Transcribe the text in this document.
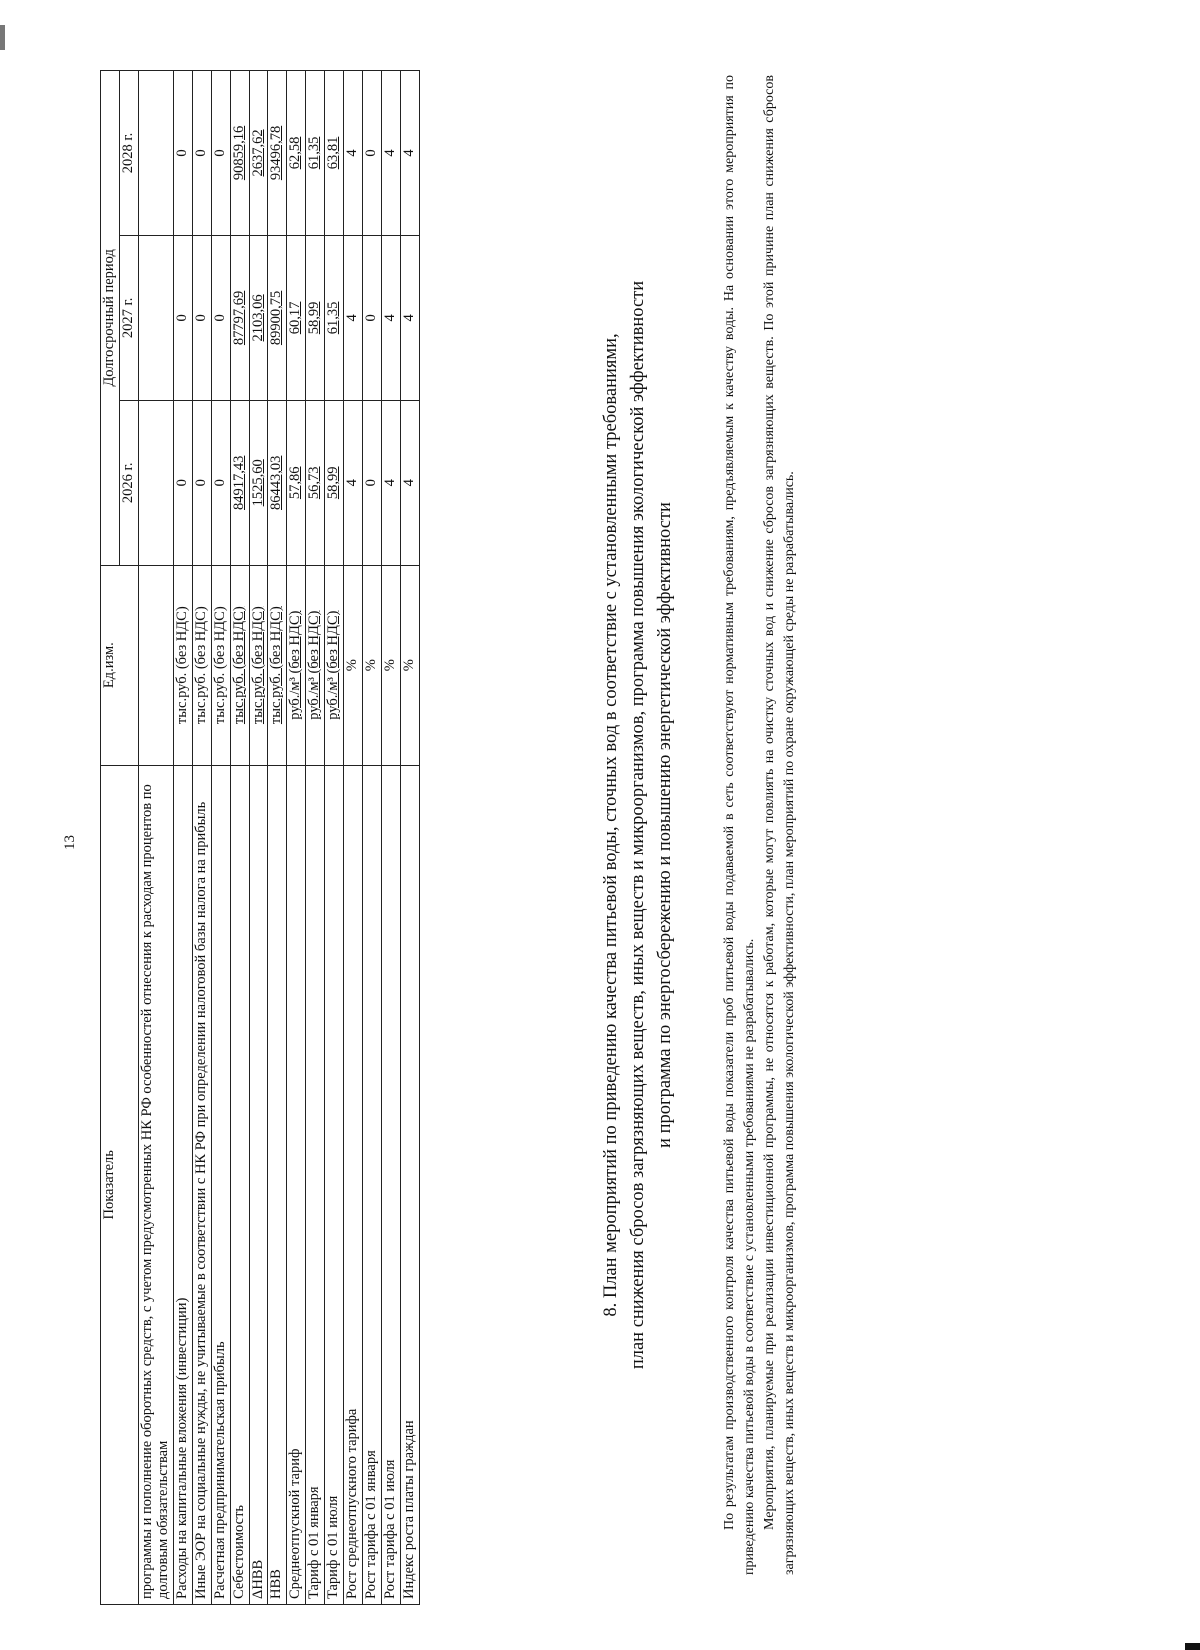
13
Показатель	Ед.изм.	Долгосрочный период		
		2026 г.	2027 г.	2028 г.
программы и пополнение оборотных средств, с учетом предусмотренных НК РФ особенностей отнесения к расходам процентов по долговым обязательствам				
Расходы на капитальные вложения (инвестиции)	тыс.руб. (без НДС)	0	0	0
Иные ЭОР на социальные нужды, не учитываемые в соответствии с НК РФ при определении налоговой базы налога на прибыль	тыс.руб. (без НДС)	0	0	0
Расчетная предпринимательская прибыль	тыс.руб. (без НДС)	0	0	0
Себестоимость	тыс.руб. (без НДС)	84917,43	87797,69	90859,16
ΔНВВ	тыс.руб. (без НДС)	1525,60	2103,06	2637,62
НВВ	тыс.руб. (без НДС)	86443,03	89900,75	93496,78
Среднеотпускной тариф	руб./м³ (без НДС)	57,86	60,17	62,58
Тариф с 01 января	руб./м³ (без НДС)	56,73	58,99	61,35
Тариф с 01 июля	руб./м³ (без НДС)	58,99	61,35	63,81
Рост среднеотпускного тарифа	%	4	4	4
Рост тарифа с 01 января	%	0	0	0
Рост тарифа с 01 июля	%	4	4	4
Индекс роста платы граждан	%	4	4	4
8. План мероприятий по приведению качества питьевой воды, сточных вод в соответствие с установленными требованиями, план снижения сбросов загрязняющих веществ, иных веществ и микроорганизмов, программа повышения экологической эффективности и программа по энергосбережению и повышению энергетической эффективности	По результатам производственного контроля качества питьевой воды показатели проб питьевой воды подаваемой в сеть соответствуют нормативным требованиям, предъявляемым к качеству воды. На основании этого мероприятия по приведению качества питьевой воды в соответствие с установленными требованиями не разрабатывались. Мероприятия, планируемые при реализации инвестиционной программы, не относятся к работам, которые могут повлиять на очистку сточных вод и снижение сбросов загрязняющих веществ. По этой причине план снижения сбросов загрязняющих веществ, иных веществ и микроорганизмов, программа повышения экологической эффективности, план мероприятий по охране окружающей среды не разрабатывались.
